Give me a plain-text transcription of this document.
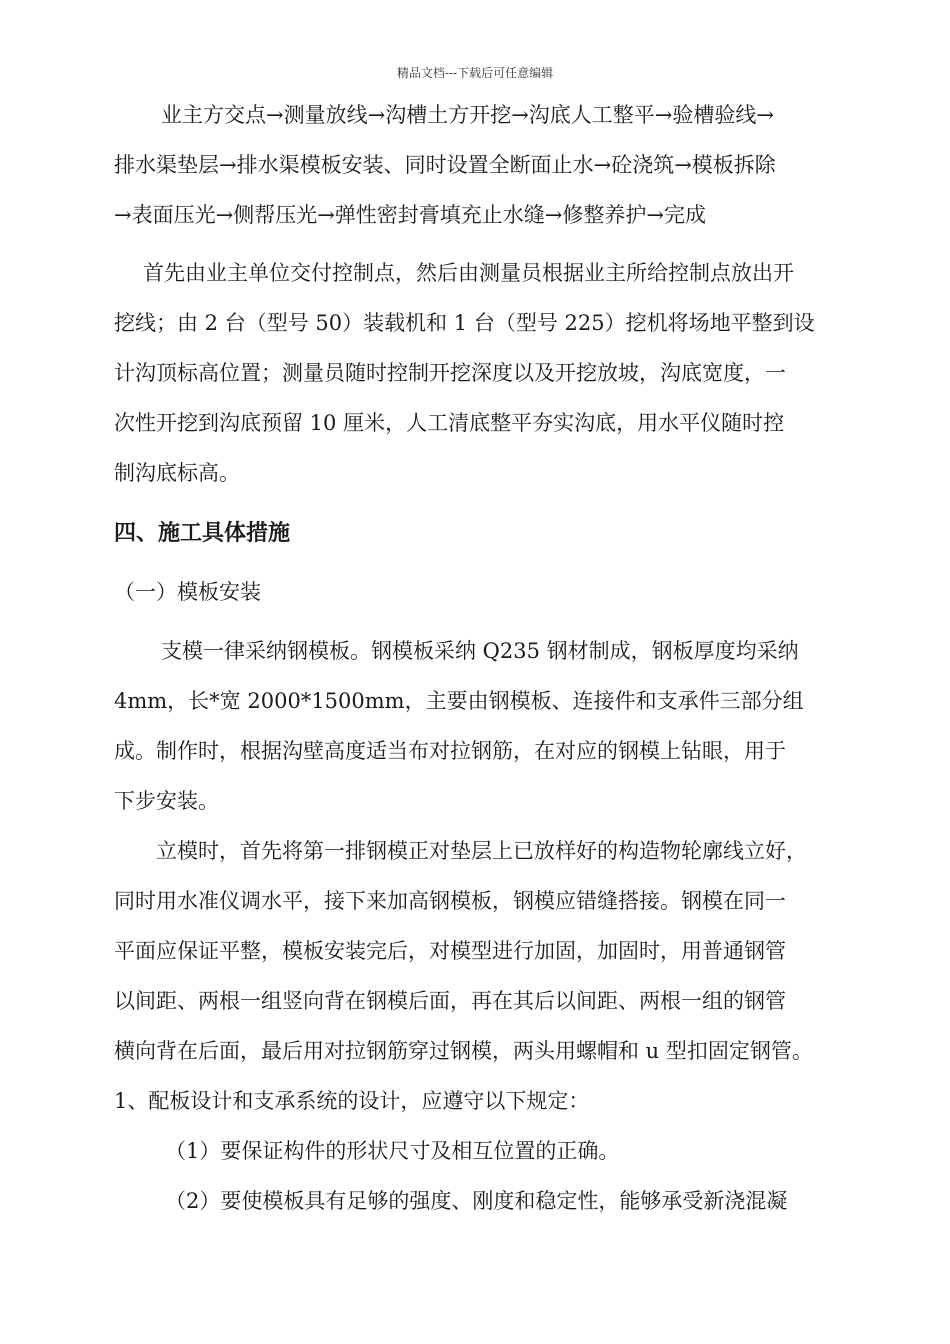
精品文档---下载后可任意编辑
业主方交点→测量放线→沟槽土方开挖→沟底人工整平→验槽验线→
排水渠垫层→排水渠模板安装、同时设置全断面止水→砼浇筑→模板拆除
→表面压光→侧帮压光→弹性密封膏填充止水缝→修整养护→完成
首先由业主单位交付控制点，然后由测量员根据业主所给控制点放出开
挖线；由 2 台（型号 50）装载机和 1 台（型号 225）挖机将场地平整到设
计沟顶标高位置；测量员随时控制开挖深度以及开挖放坡，沟底宽度，一
次性开挖到沟底预留 10 厘米，人工清底整平夯实沟底，用水平仪随时控
制沟底标高。
四、施工具体措施
（一）模板安装
支模一律采纳钢模板。钢模板采纳 Q235 钢材制成，钢板厚度均采纳
4mm，长*宽 2000*1500mm，主要由钢模板、连接件和支承件三部分组
成。制作时，根据沟壁高度适当布对拉钢筋，在对应的钢模上钻眼，用于
下步安装。
立模时，首先将第一排钢模正对垫层上已放样好的构造物轮廓线立好，
同时用水准仪调水平，接下来加高钢模板，钢模应错缝搭接。钢模在同一
平面应保证平整，模板安装完后，对模型进行加固，加固时，用普通钢管
以间距、两根一组竖向背在钢模后面，再在其后以间距、两根一组的钢管
横向背在后面，最后用对拉钢筋穿过钢模，两头用螺帽和 u 型扣固定钢管。
1、配板设计和支承系统的设计，应遵守以下规定：
（1）要保证构件的形状尺寸及相互位置的正确。
（2）要使模板具有足够的强度、刚度和稳定性，能够承受新浇混凝
